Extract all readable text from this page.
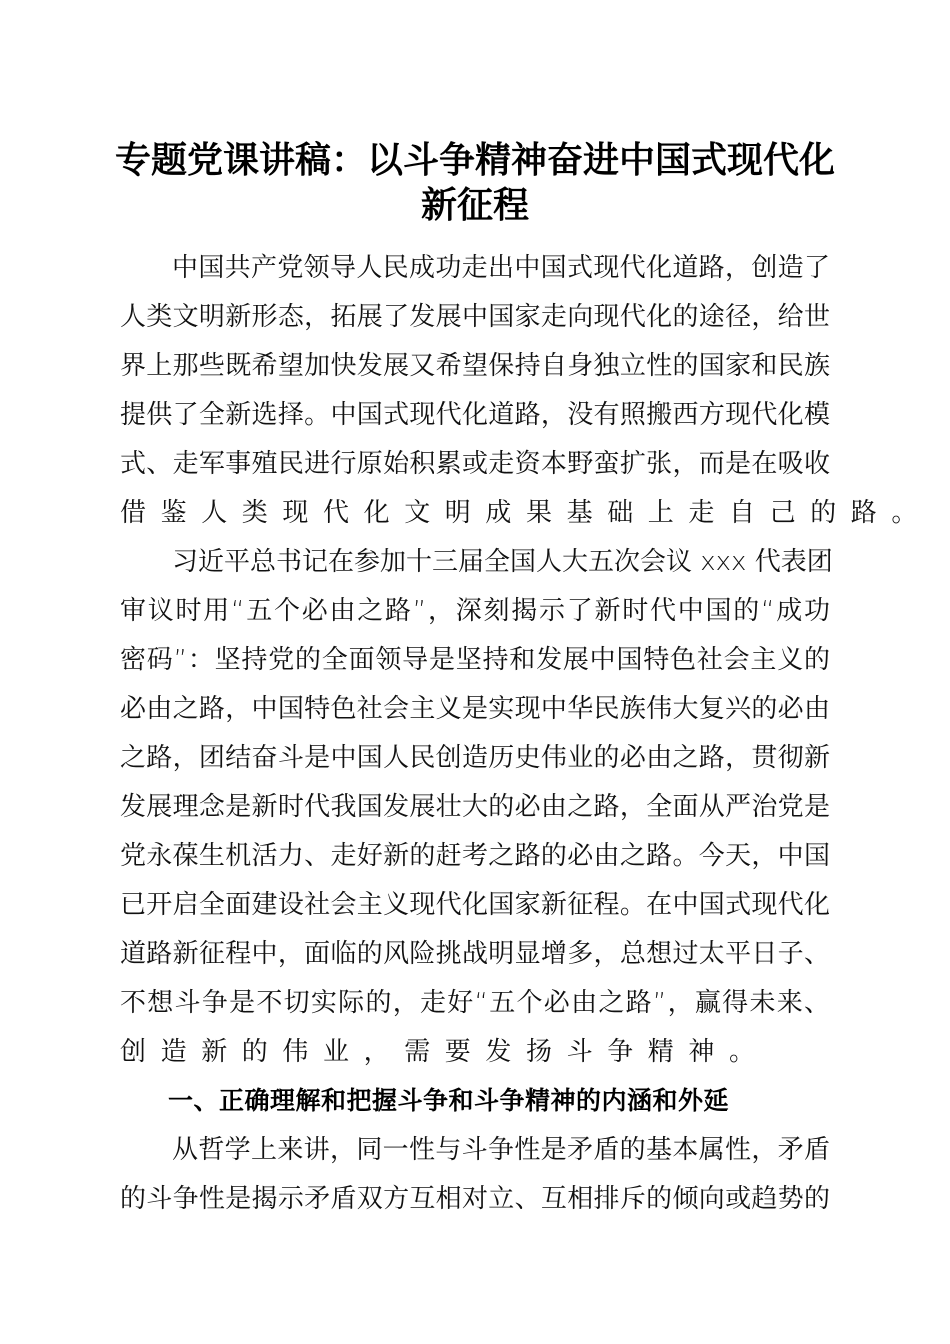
专题党课讲稿：以斗争精神奋进中国式现代化
新征程
中国共产党领导人民成功走出中国式现代化道路，创造了
人类文明新形态，拓展了发展中国家走向现代化的途径，给世
界上那些既希望加快发展又希望保持自身独立性的国家和民族
提供了全新选择。中国式现代化道路，没有照搬西方现代化模
式、走军事殖民进行原始积累或走资本野蛮扩张，而是在吸收
借鉴人类现代化文明成果基础上走自己的路。
习近平总书记在参加十三届全国人大五次会议 xxx 代表团
审议时用“五个必由之路”，深刻揭示了新时代中国的“成功
密码”：坚持党的全面领导是坚持和发展中国特色社会主义的
必由之路，中国特色社会主义是实现中华民族伟大复兴的必由
之路，团结奋斗是中国人民创造历史伟业的必由之路，贯彻新
发展理念是新时代我国发展壮大的必由之路，全面从严治党是
党永葆生机活力、走好新的赶考之路的必由之路。今天，中国
已开启全面建设社会主义现代化国家新征程。在中国式现代化
道路新征程中，面临的风险挑战明显增多，总想过太平日子、
不想斗争是不切实际的，走好“五个必由之路”，赢得未来、
创造新的伟业，需要发扬斗争精神。
一、正确理解和把握斗争和斗争精神的内涵和外延
从哲学上来讲，同一性与斗争性是矛盾的基本属性，矛盾
的斗争性是揭示矛盾双方互相对立、互相排斥的倾向或趋势的
